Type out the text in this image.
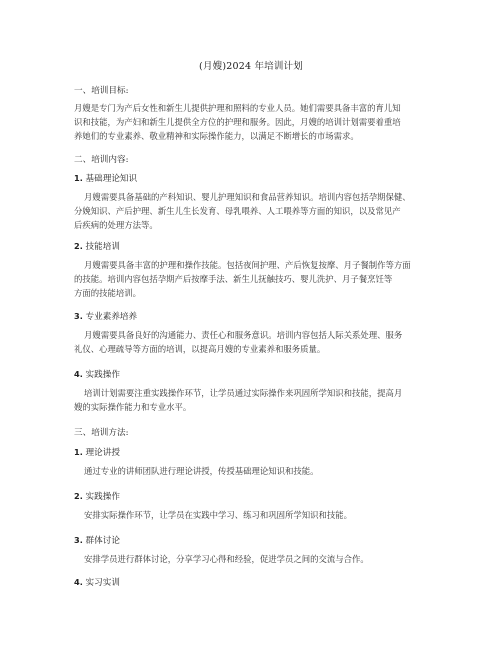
(月嫂)2024 年培训计划
一、培训目标:
月嫂是专门为产后女性和新生儿提供护理和照料的专业人员。她们需要具备丰富的育儿知
识和技能，为产妇和新生儿提供全方位的护理和服务。因此，月嫂的培训计划需要着重培
养她们的专业素养、敬业精神和实际操作能力，以满足不断增长的市场需求。
二、培训内容:
1. 基础理论知识
月嫂需要具备基础的产科知识、婴儿护理知识和食品营养知识。培训内容包括孕期保健、
分娩知识、产后护理、新生儿生长发育、母乳喂养、人工喂养等方面的知识，以及常见产
后疾病的处理方法等。
2. 技能培训
月嫂需要具备丰富的护理和操作技能。包括夜间护理、产后恢复按摩、月子餐制作等方面
的技能。培训内容包括孕期产后按摩手法、新生儿抚触技巧、婴儿洗护、月子餐烹饪等
方面的技能培训。
3. 专业素养培养
月嫂需要具备良好的沟通能力、责任心和服务意识。培训内容包括人际关系处理、服务
礼仪、心理疏导等方面的培训，以提高月嫂的专业素养和服务质量。
4. 实践操作
培训计划需要注重实践操作环节，让学员通过实际操作来巩固所学知识和技能，提高月
嫂的实际操作能力和专业水平。
三、培训方法:
1. 理论讲授
通过专业的讲师团队进行理论讲授，传授基础理论知识和技能。
2. 实践操作
安排实际操作环节，让学员在实践中学习、练习和巩固所学知识和技能。
3. 群体讨论
安排学员进行群体讨论，分享学习心得和经验，促进学员之间的交流与合作。
4. 实习实训
